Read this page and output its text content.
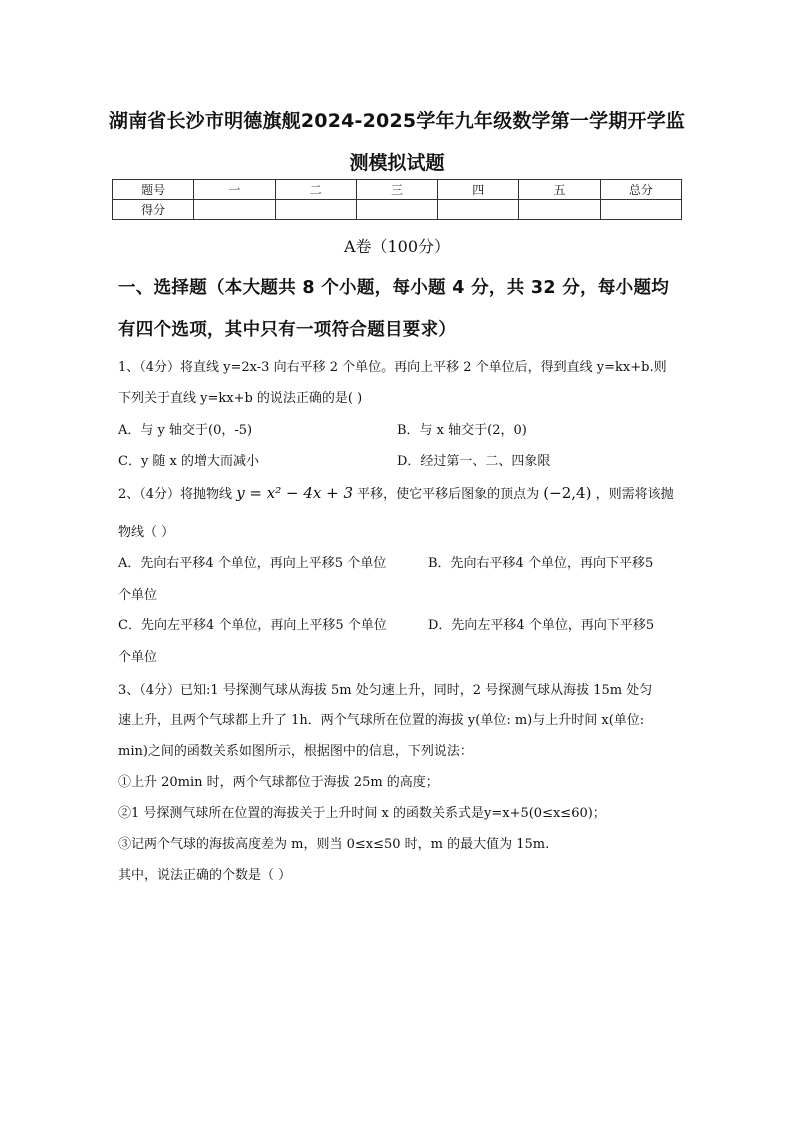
湖南省长沙市明德旗舰2024-2025学年九年级数学第一学期开学监
测模拟试题
题号	一	二	三	四	五	总分
得分						
A卷（100分）
一、选择题（本大题共 8 个小题，每小题 4 分，共 32 分，每小题均
有四个选项，其中只有一项符合题目要求）
1、（4分）将直线 y=2x-3 向右平移 2 个单位。再向上平移 2 个单位后，得到直线 y=kx+b.则
下列关于直线 y=kx+b 的说法正确的是( )
A．与 y 轴交于(0，-5)	B．与 x 轴交于(2，0)
C．y 随 x 的增大而减小	D．经过第一、二、四象限
2、（4分）将抛物线 y = x² − 4x + 3 平移，使它平移后图象的顶点为 (−2,4) ，则需将该抛
物线（ ）
A．先向右平移4 个单位，再向上平移5 个单位	B．先向右平移4 个单位，再向下平移5
个单位
C．先向左平移4 个单位，再向上平移5 个单位	D．先向左平移4 个单位，再向下平移5
个单位
3、（4分）已知:1 号探测气球从海拔 5m 处匀速上升，同时，2 号探测气球从海拔 15m 处匀
速上升，且两个气球都上升了 1h．两个气球所在位置的海拔 y(单位: m)与上升时间 x(单位:
min)之间的函数关系如图所示，根据图中的信息，下列说法：
①上升 20min 时，两个气球都位于海拔 25m 的高度；
②1 号探测气球所在位置的海拔关于上升时间 x 的函数关系式是y=x+5(0≤x≤60)；
③记两个气球的海拔高度差为 m，则当 0≤x≤50 时，m 的最大值为 15m.
其中，说法正确的个数是（ ）
